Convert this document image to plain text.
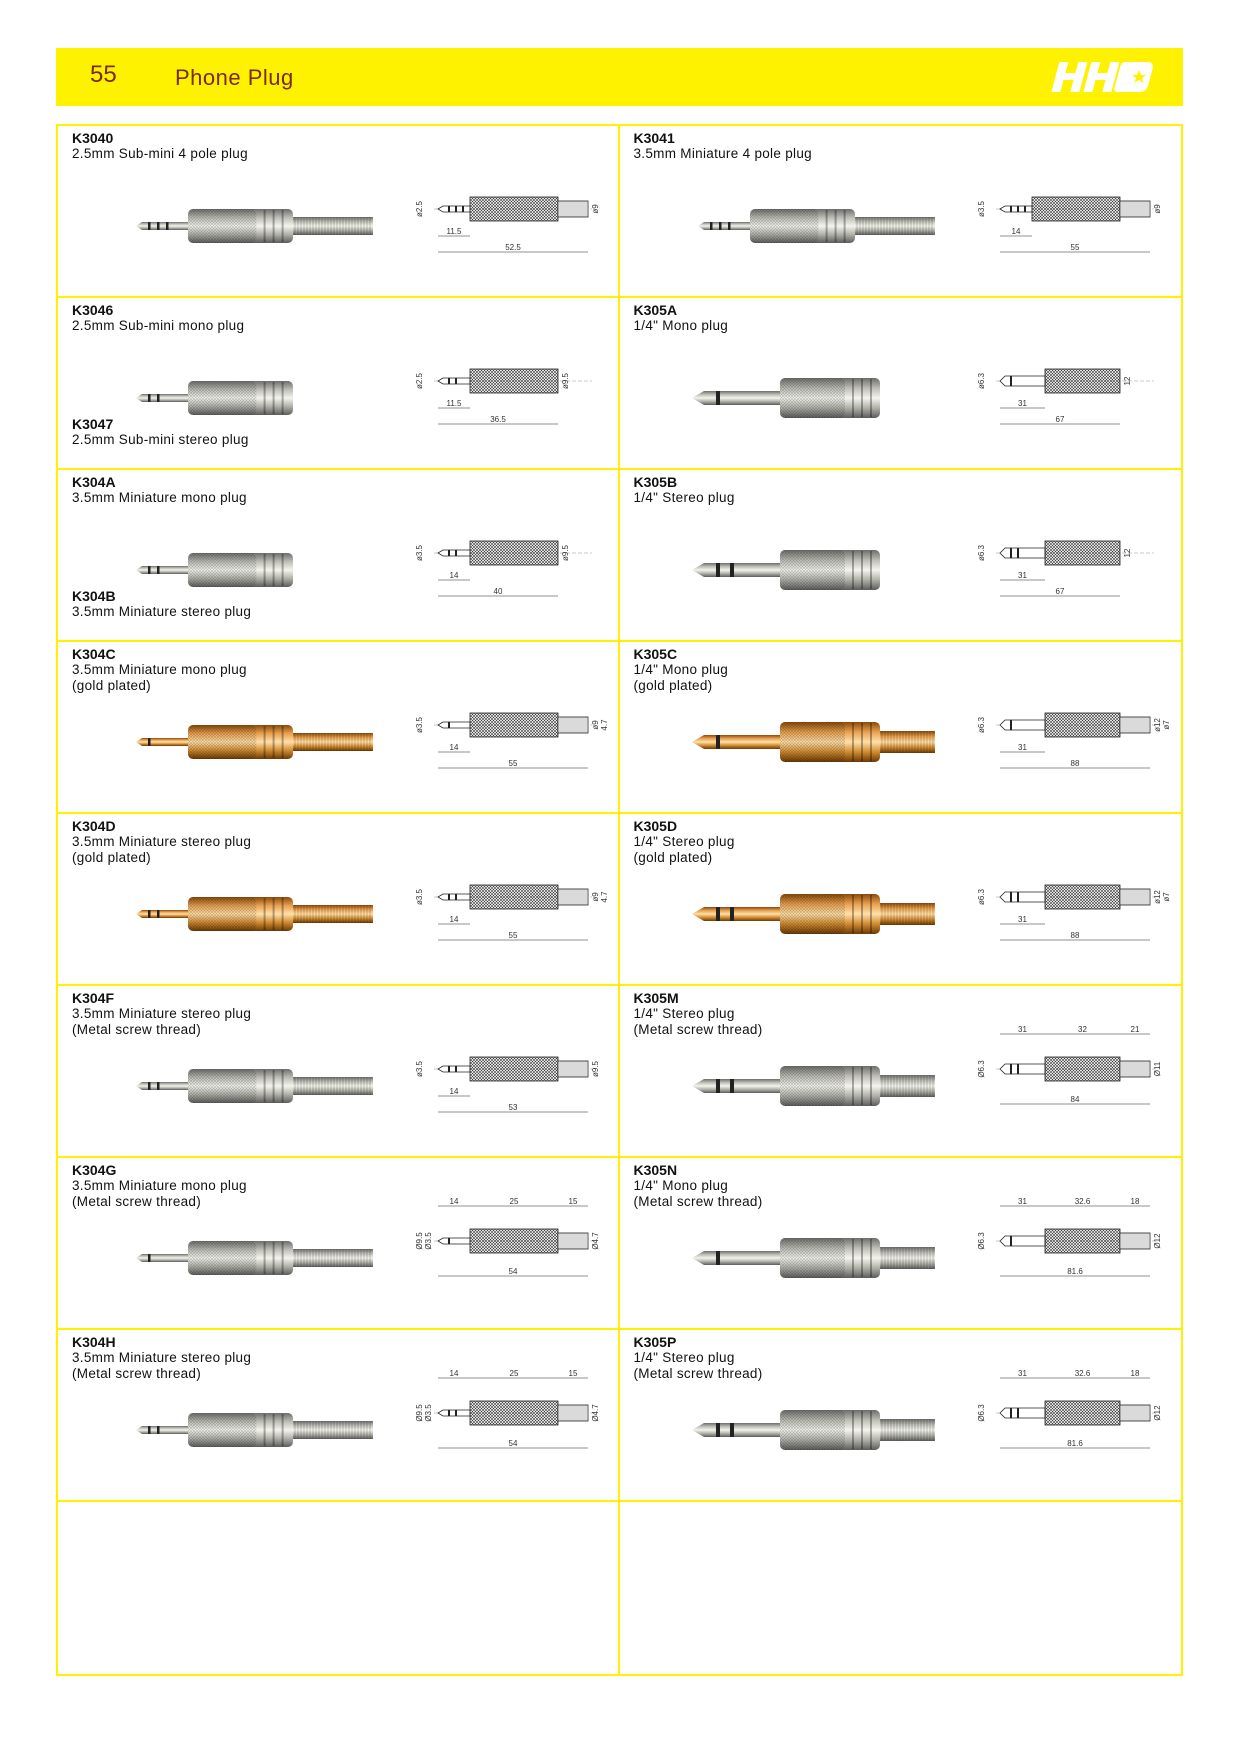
55	Phone Plug
K3040
2.5mm Sub-mini 4 pole plug
11.5
52.5
ø2.5	ø9
K3041
3.5mm Miniature 4 pole plug
14
55
ø3.5	ø9
K3046
2.5mm Sub-mini mono plug
K3047
2.5mm Sub-mini stereo plug
11.5
36.5
ø2.5	ø9.5
K305A
1/4" Mono plug
31
67
ø6.3	12
K304A
3.5mm Miniature mono plug
K304B
3.5mm Miniature stereo plug
14
40
ø3.5	ø9.5
K305B
1/4" Stereo plug
31
67
ø6.3	12
K304C
3.5mm Miniature mono plug
(gold plated)
14
55
ø3.5	ø9 4.7
K305C
1/4" Mono plug
(gold plated)
31
88
ø6.3	ø12 ø7
K304D
3.5mm Miniature stereo plug
(gold plated)
14
55
ø3.5	ø9 4.7
K305D
1/4" Stereo plug
(gold plated)
31
88
ø6.3	ø12 ø7
K304F
3.5mm Miniature stereo plug
(Metal screw thread)
14
53
ø3.5	ø9.5
K305M
1/4" Stereo plug
(Metal screw thread)	31	32	21
84
Ø6.3	Ø11
K304G
3.5mm Miniature mono plug
(Metal screw thread)	14	25	15
54
Ø9.5 Ø3.5	Ø4.7
K305N
1/4" Mono plug
(Metal screw thread)	31	32.6	18
81.6
Ø6.3	Ø12
K304H
3.5mm Miniature stereo plug
(Metal screw thread)	14	25	15
54
Ø9.5 Ø3.5	Ø4.7
K305P
1/4" Stereo plug
(Metal screw thread)	31	32.6	18
81.6
Ø6.3	Ø12
